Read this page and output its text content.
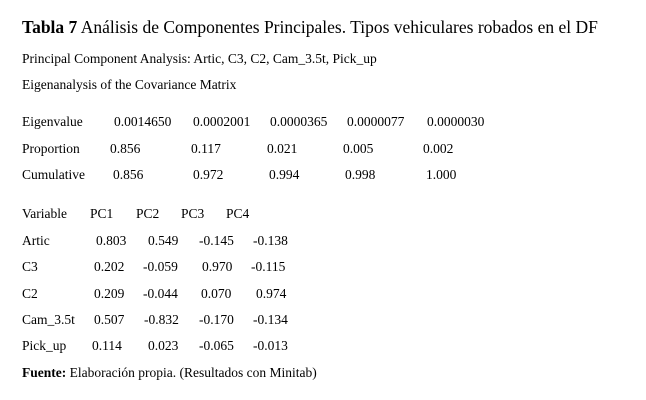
Tabla 7 Análisis de Componentes Principales. Tipos vehiculares robados en el DF
Principal Component Analysis: Artic, C3, C2, Cam_3.5t, Pick_up
Eigenanalysis of the Covariance Matrix
Eigenvalue 0.0014650 0.0002001 0.0000365 0.0000077 0.0000030
Proportion 0.856	0.117	0.021	0.005	0.002
Cumulative 0.856	0.972	0.994	0.998	1.000
Variable PC1 PC2 PC3 PC4
Artic	0.803 0.549 -0.145 -0.138
C3	0.202 -0.059 0.970 -0.115
C2	0.209 -0.044 0.070 0.974
Cam_3.5t 0.507 -0.832 -0.170 -0.134
Pick_up 0.114 0.023 -0.065 -0.013
Fuente: Elaboración propia. (Resultados con Minitab)
